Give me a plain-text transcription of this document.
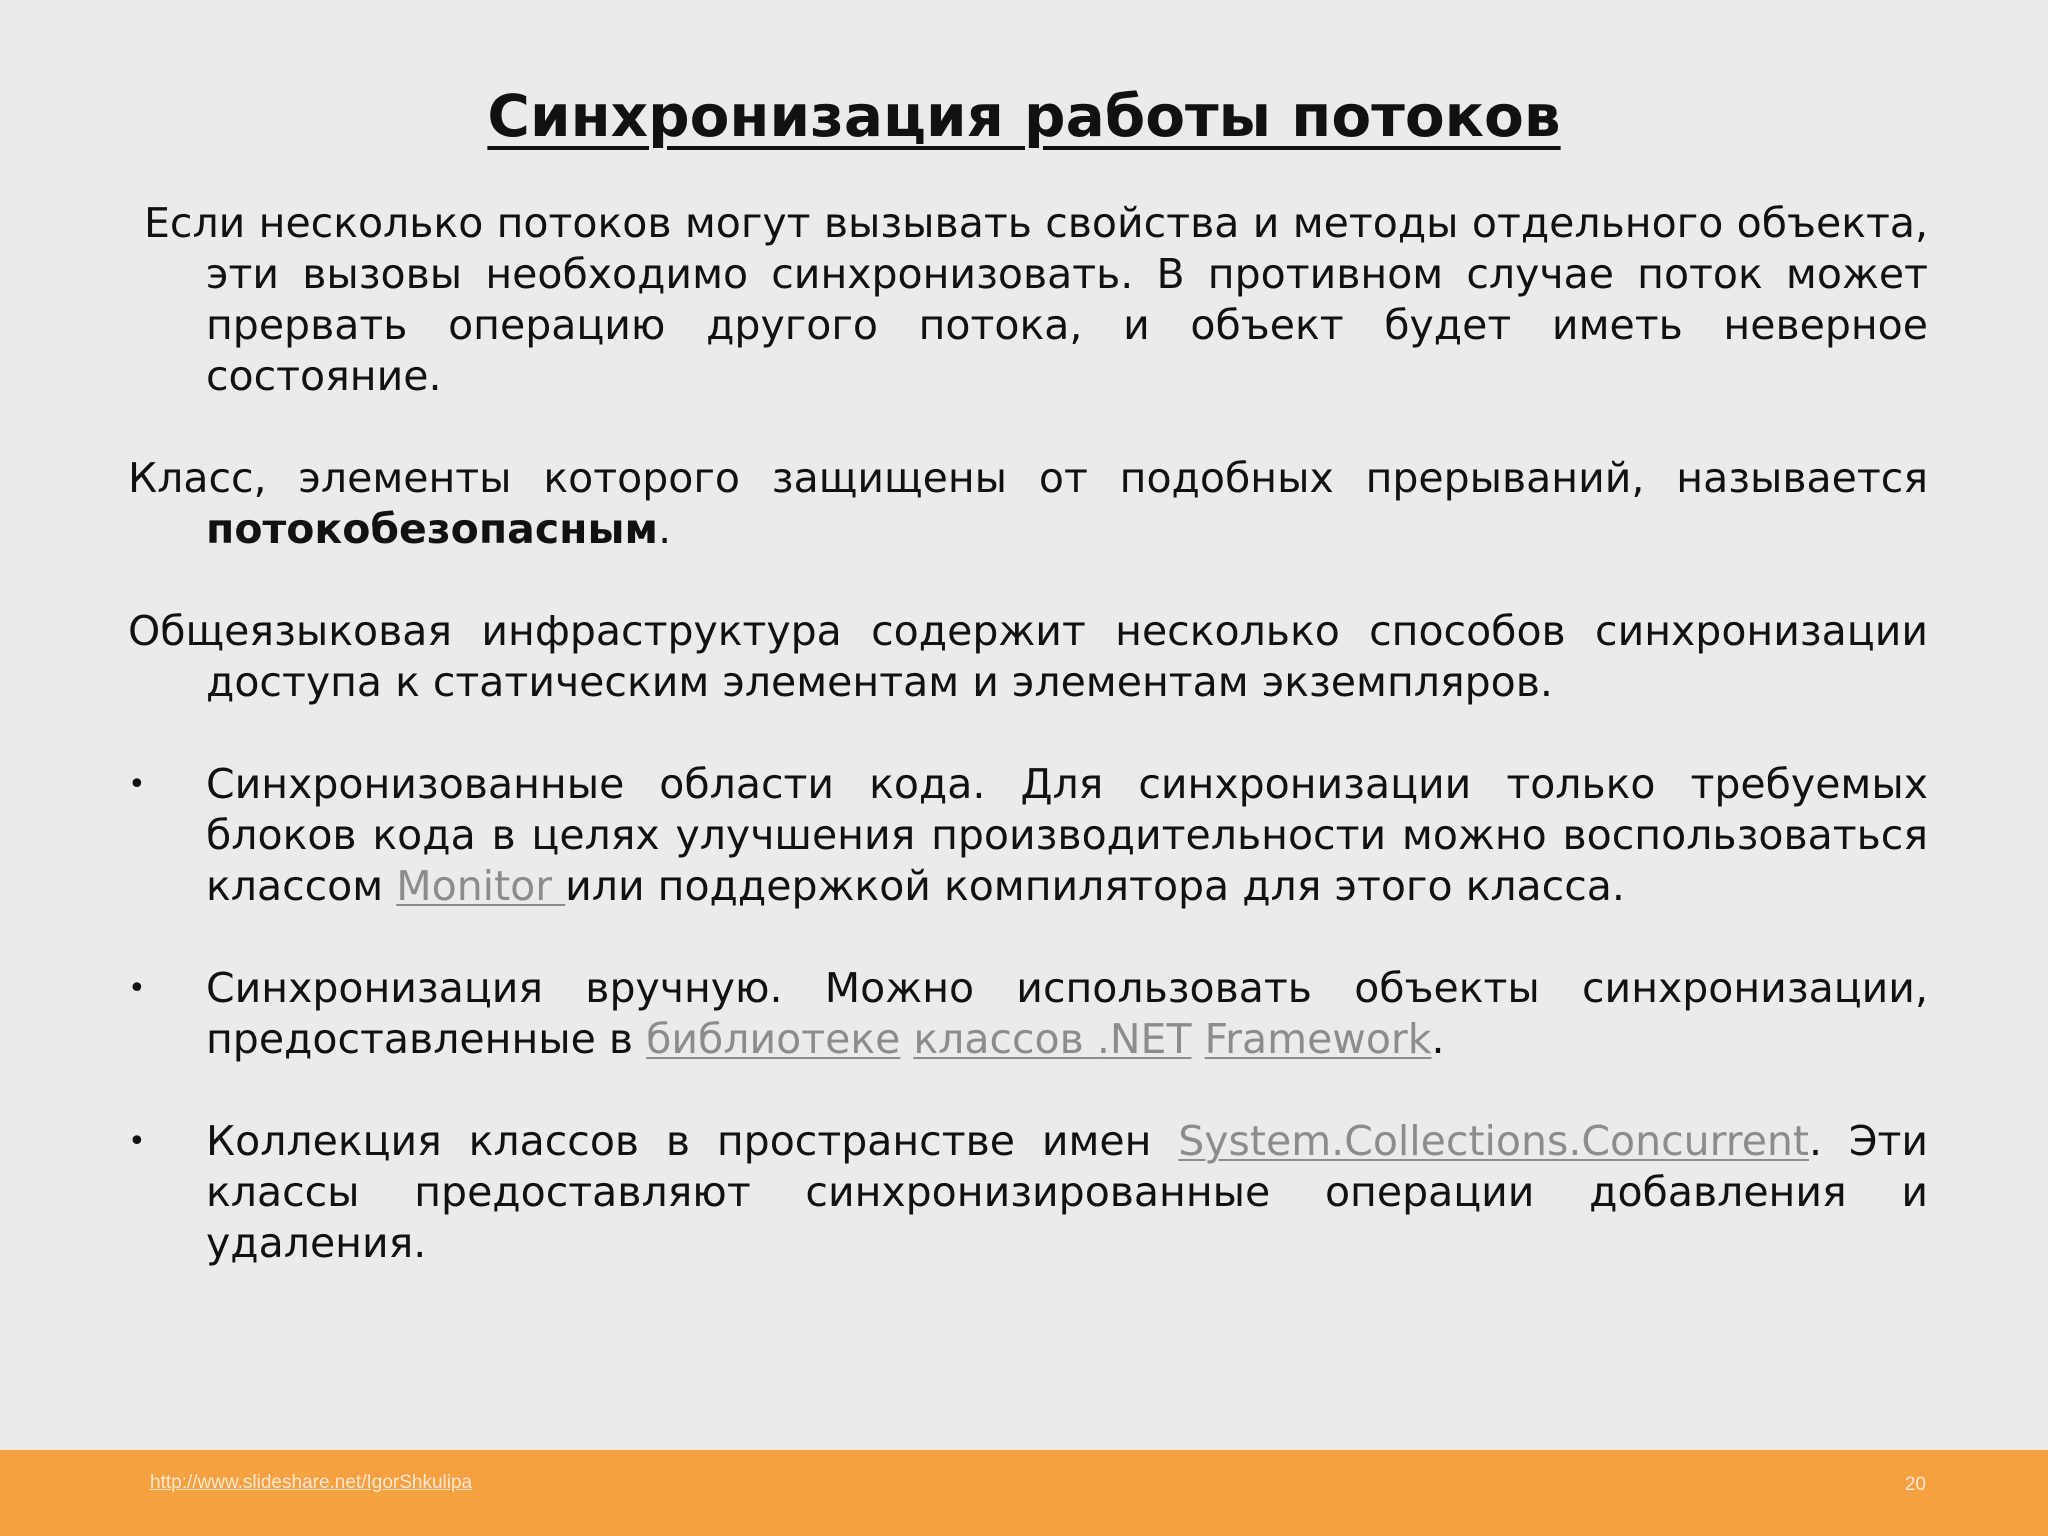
Синхронизация работы потоков

Если несколько потоков могут вызывать свойства и методы отдельного объекта, эти вызовы необходимо синхронизовать. В противном случае поток может прервать операцию другого потока, и объект будет иметь неверное состояние.

Класс, элементы которого защищены от подобных прерываний, называется потокобезопасным.

Общеязыковая инфраструктура содержит несколько способов синхронизации доступа к статическим элементам и элементам экземпляров.

• Синхронизованные области кода. Для синхронизации только требуемых блоков кода в целях улучшения производительности можно воспользоваться классом Monitor или поддержкой компилятора для этого класса.
• Синхронизация вручную. Можно использовать объекты синхронизации, предоставленные в библиотеке классов .NET Framework.
• Коллекция классов в пространстве имен System.Collections.Concurrent. Эти классы предоставляют синхронизированные операции добавления и удаления.
http://www.slideshare.net/IgorShkulipa	20
